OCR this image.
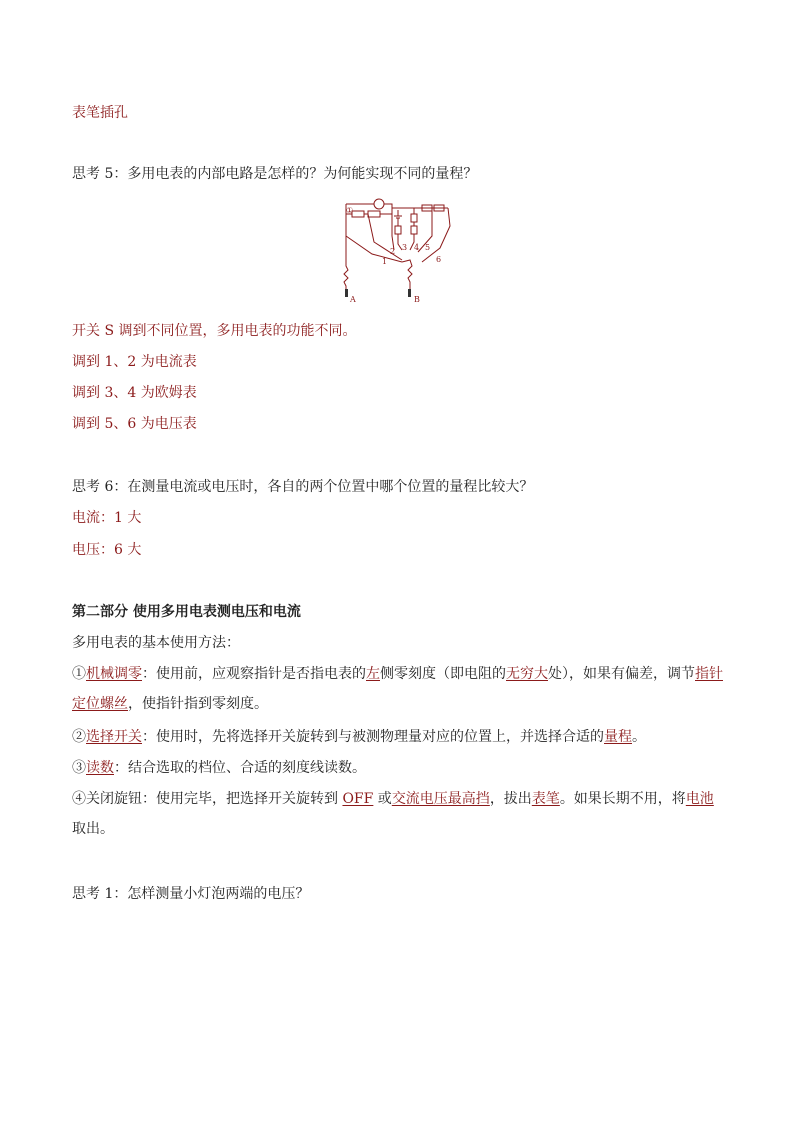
表笔插孔
思考 5：多用电表的内部电路是怎样的？为何能实现不同的量程？
①
A	B
1
2 3 4 5
6
开关 S 调到不同位置，多用电表的功能不同。
调到 1、2 为电流表
调到 3、4 为欧姆表
调到 5、6 为电压表
思考 6：在测量电流或电压时，各自的两个位置中哪个位置的量程比较大？
电流：1 大
电压：6 大
第二部分 使用多用电表测电压和电流
多用电表的基本使用方法：
①机械调零：使用前，应观察指针是否指电表的左侧零刻度（即电阻的无穷大处），如果有偏差，调节指针定位螺丝，使指针指到零刻度。
②选择开关：使用时，先将选择开关旋转到与被测物理量对应的位置上，并选择合适的量程。
③读数：结合选取的档位、合适的刻度线读数。
④关闭旋钮：使用完毕，把选择开关旋转到 OFF 或交流电压最高挡，拔出表笔。如果长期不用，将电池取出。
思考 1：怎样测量小灯泡两端的电压？
